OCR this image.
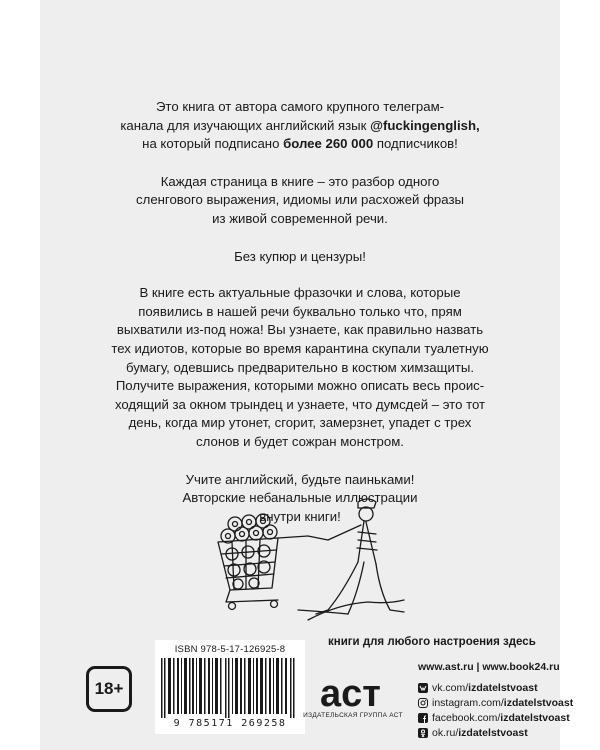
Это книга от автора самого крупного телеграм-
канала для изучающих английский язык @fuckingenglish,
на который подписано более 260 000 подписчиков!

Каждая страница в книге – это разбор одного
сленгового выражения, идиомы или расхожей фразы
из живой современной речи.

Без купюр и цензуры!

В книге есть актуальные фразочки и слова, которые
появились в нашей речи буквально только что, прям
выхватили из-под ножа! Вы узнаете, как правильно назвать
тех идиотов, которые во время карантина скупали туалетную
бумагу, одевшись предварительно в костюм химзащиты.
Получите выражения, которыми можно описать весь проис-
ходящий за окном трындец и узнаете, что думсдей – это тот
день, когда мир утонет, сгорит, замерзнет, упадет с трех
слонов и будет сожран монстром.

Учите английский, будьте паиньками!
Авторские небанальные иллюстрации
внутри книги!

18+
ISBN 978-5-17-126925-8
9 785171 269258
аст
ИЗДАТЕЛЬСКАЯ ГРУППА АСТ
книги для любого настроения здесь
www.ast.ru | www.book24.ru
vk.com/ izdatelstvoast
instagram.com/ izdatelstvoast
facebook.com/ izdatelstvoast
ok.ru/ izdatelstvoast
